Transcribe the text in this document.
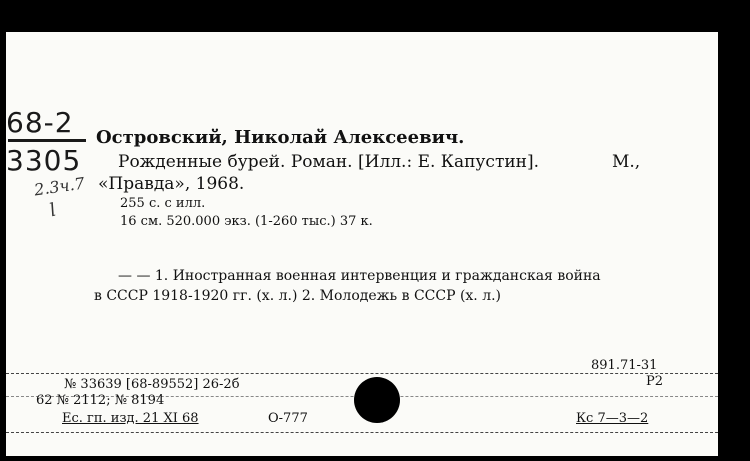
68-2
3305
2.3ч.7
l
Островский, Николай Алексеевич.
Рожденные бурей. Роман. [Илл.: Е. Капустин].	М.,
«Правда», 1968.
255 с. с илл.
16 см. 520.000 экз. (1-260 тыс.) 37 к.
— — 1. Иностранная военная интервенция и гражданская война
в СССР 1918-1920 гг. (х. л.) 2. Молодежь в СССР (х. л.)
891.71-31
Р2
№ 33639 [68-89552] 26-2б
62 № 2112; № 8194
Ес. гп. изд. 21 XI 68	О-777	Кс 7—3—2
